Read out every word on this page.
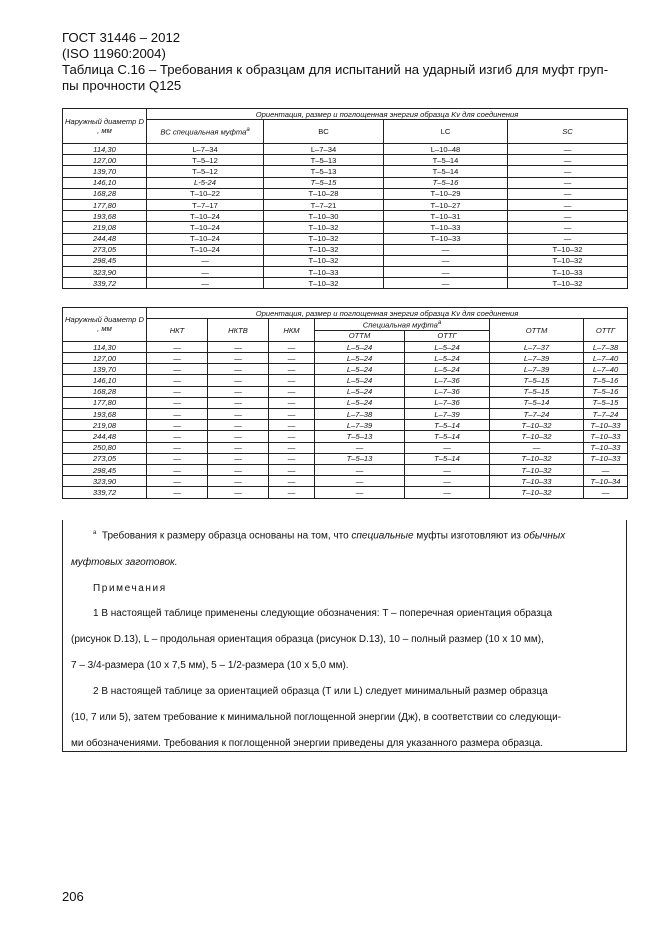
ГОСТ 31446 – 2012
(ISO 11960:2004)
Таблица С.16 – Требования к образцам для испытаний на ударный изгиб для муфт груп-
пы прочности Q125
Наружный диаметр D , мм	Ориентация, размер и поглощенная энергия образца Kv для соединения			
	ВС специальная муфта$^a$	BC	LC	SC
114,30	L–7–34	L–7–34	L–10–48	—
127,00	T–5–12	T–5–13	T–5–14	—
139,70	T–5–12	T–5–13	T–5–14	—
146,10	L-5-24	T–5–15	T–5–16	—
168,28	T–10–22	T–10–28	T–10–29	—
177,80	T–7–17	T–7–21	T–10–27	—
193,68	T–10–24	T–10–30	T–10–31	—
219,08	T–10–24	T–10–32	T–10–33	—
244,48	T–10–24	T–10–32	T–10–33	—
273,05	T–10–24	T–10–32	—	T–10–32
298,45	—	T–10–32	—	T–10–32
323,90	—	T–10–33	—	T–10–33
339,72	—	T–10–32	—	T–10–32
Наружный диаметр D , мм	Ориентация, размер и поглощенная энергия образца Kv для соединения						
	НКТ	НКТВ	НКМ	Специальная муфта$^a$		ОТТМ	ОТТГ
				ОТТМ	ОТТГ		
114,30	—	—	—	L–5–24	L–5–24	L–7–37	L–7–38
127,00	—	—	—	L–5–24	L–5–24	L–7–39	L–7–40
139,70	—	—	—	L–5–24	L–5–24	L–7–39	L–7–40
146,10	—	—	—	L–5–24	L–7–36	T–5–15	T–5–16
168,28	—	—	—	L–5–24	L–7–36	T–5–15	T–5–16
177,80	—	—	—	L–5–24	L–7–36	T–5–14	T–5–15
193,68	—	—	—	L–7–38	L–7–39	T–7–24	T–7–24
219,08	—	—	—	L–7–39	T–5–14	T–10–32	T–10–33
244,48	—	—	—	T–5–13	T–5–14	T–10–32	T–10–33
250,80	—	—	—	—	—	—	T–10–33
273,05	—	—	—	T–5–13	T–5–14	T–10–32	T–10–33
298,45	—	—	—	—	—	T–10–32	—
323,90	—	—	—	—	—	T–10–33	T–10–34
339,72	—	—	—	—	—	T–10–32	—

$^a$ Требования к размеру образца основаны на том, что специальные муфты изготовляют из обычных

муфтовых заготовок.

Примечания

1 В настоящей таблице применены следующие обозначения: T – поперечная ориентация образца

(рисунок D.13), L – продольная ориентация образца (рисунок D.13), 10 – полный размер (10 x 10 мм),

7 – 3/4-размера (10 x 7,5 мм), 5 – 1/2-размера (10 x 5,0 мм).

2 В настоящей таблице за ориентацией образца (T или L) следует минимальный размер образца

(10, 7 или 5), затем требование к минимальной поглощенной энергии (Дж), в соответствии со следующи-

ми обозначениями. Требования к поглощенной энергии приведены для указанного размера образца.

206
